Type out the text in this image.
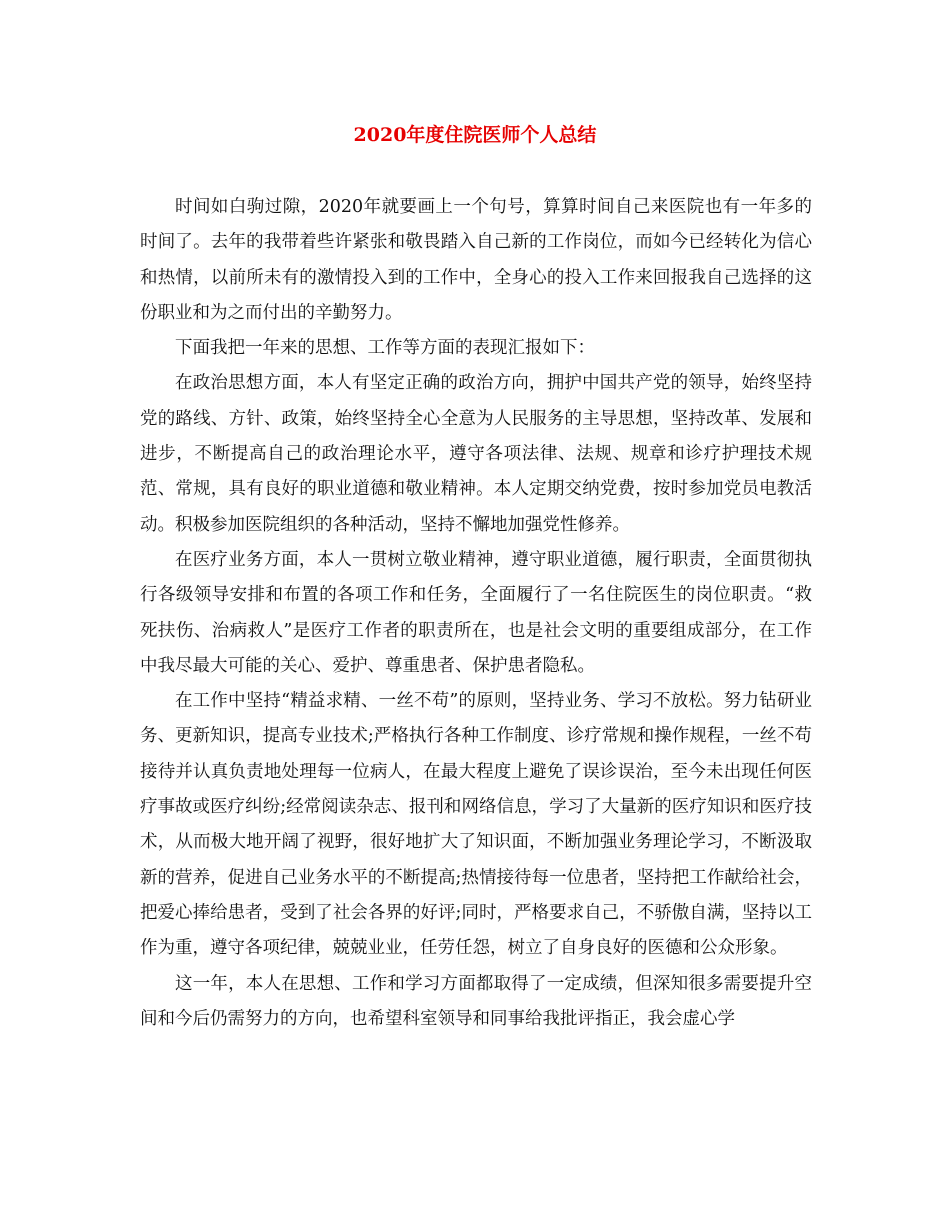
2020年度住院医师个人总结

时间如白驹过隙，2020年就要画上一个句号，算算时间自己来医院也有一年多的时间了。去年的我带着些许紧张和敬畏踏入自己新的工作岗位，而如今已经转化为信心和热情，以前所未有的激情投入到的工作中，全身心的投入工作来回报我自己选择的这份职业和为之而付出的辛勤努力。

下面我把一年来的思想、工作等方面的表现汇报如下：

在政治思想方面，本人有坚定正确的政治方向，拥护中国共产党的领导，始终坚持党的路线、方针、政策，始终坚持全心全意为人民服务的主导思想，坚持改革、发展和进步，不断提高自己的政治理论水平，遵守各项法律、法规、规章和诊疗护理技术规范、常规，具有良好的职业道德和敬业精神。本人定期交纳党费，按时参加党员电教活动。积极参加医院组织的各种活动，坚持不懈地加强党性修养。

在医疗业务方面，本人一贯树立敬业精神，遵守职业道德，履行职责，全面贯彻执行各级领导安排和布置的各项工作和任务，全面履行了一名住院医生的岗位职责。“救死扶伤、治病救人”是医疗工作者的职责所在，也是社会文明的重要组成部分，在工作中我尽最大可能的关心、爱护、尊重患者、保护患者隐私。

在工作中坚持“精益求精、一丝不苟”的原则，坚持业务、学习不放松。努力钻研业务、更新知识，提高专业技术;严格执行各种工作制度、诊疗常规和操作规程，一丝不苟接待并认真负责地处理每一位病人，在最大程度上避免了误诊误治，至今未出现任何医疗事故或医疗纠纷;经常阅读杂志、报刊和网络信息，学习了大量新的医疗知识和医疗技术，从而极大地开阔了视野，很好地扩大了知识面，不断加强业务理论学习，不断汲取新的营养，促进自己业务水平的不断提高;热情接待每一位患者，坚持把工作献给社会，把爱心捧给患者，受到了社会各界的好评;同时，严格要求自己，不骄傲自满，坚持以工作为重，遵守各项纪律，兢兢业业，任劳任怨，树立了自身良好的医德和公众形象。

这一年，本人在思想、工作和学习方面都取得了一定成绩，但深知很多需要提升空间和今后仍需努力的方向，也希望科室领导和同事给我批评指正，我会虚心学
